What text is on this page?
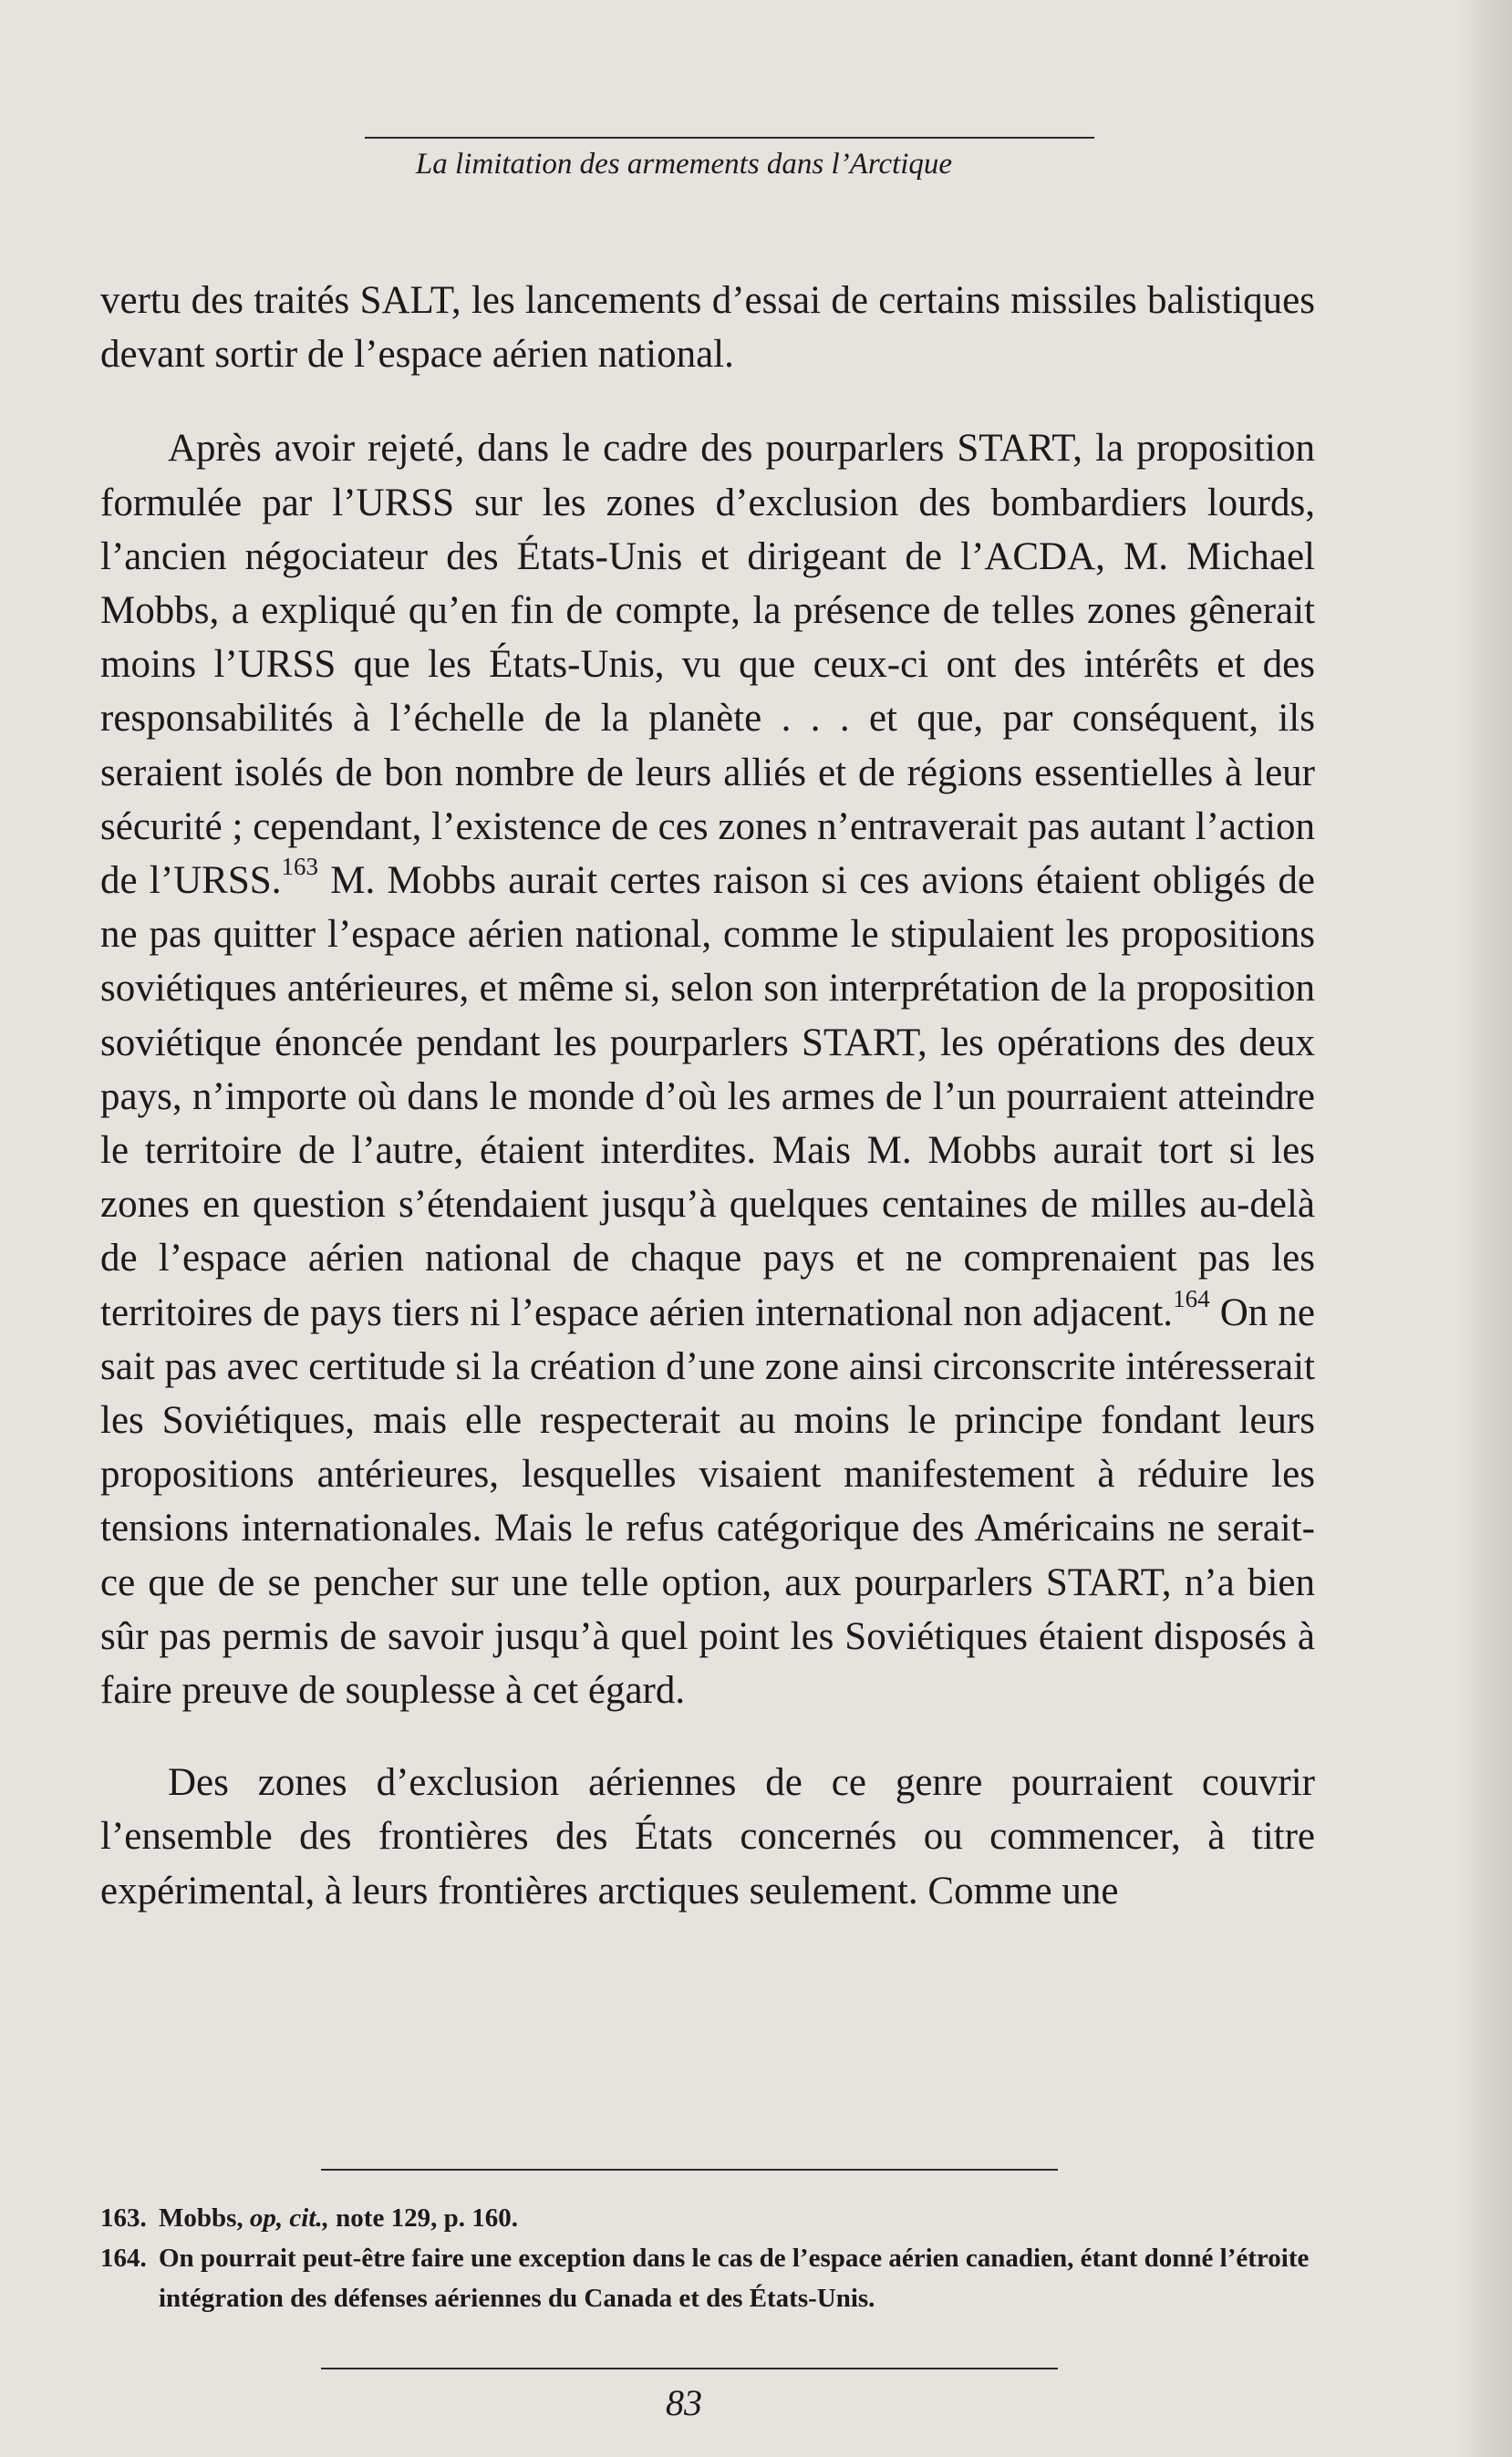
La limitation des armements dans l’Arctique

vertu des traités SALT, les lancements d’essai de certains missiles balistiques devant sortir de l’espace aérien national.

Après avoir rejeté, dans le cadre des pourparlers START, la proposition formulée par l’URSS sur les zones d’exclusion des bombardiers lourds, l’ancien négociateur des États-Unis et dirigeant de l’ACDA, M. Michael Mobbs, a expliqué qu’en fin de compte, la présence de telles zones gênerait moins l’URSS que les États-Unis, vu que ceux-ci ont des intérêts et des responsabilités à l’échelle de la planète . . . et que, par conséquent, ils seraient isolés de bon nombre de leurs alliés et de régions essentielles à leur sécurité ; cependant, l’existence de ces zones n’entraverait pas autant l’action de l’URSS.$^{163}$ M. Mobbs aurait certes raison si ces avions étaient obligés de ne pas quitter l’espace aérien national, comme le stipulaient les propositions soviétiques antérieures, et même si, selon son interprétation de la proposition soviétique énoncée pendant les pourparlers START, les opérations des deux pays, n’importe où dans le monde d’où les armes de l’un pourraient atteindre le territoire de l’autre, étaient interdites. Mais M. Mobbs aurait tort si les zones en question s’étendaient jusqu’à quelques centaines de milles au-delà de l’espace aérien national de chaque pays et ne comprenaient pas les territoires de pays tiers ni l’espace aérien international non adjacent.$^{164}$ On ne sait pas avec certitude si la création d’une zone ainsi circonscrite intéresserait les Soviétiques, mais elle respecterait au moins le principe fondant leurs propositions antérieures, lesquelles visaient manifestement à réduire les tensions internationales. Mais le refus catégorique des Américains ne serait-ce que de se pencher sur une telle option, aux pourparlers START, n’a bien sûr pas permis de savoir jusqu’à quel point les Soviétiques étaient disposés à faire preuve de souplesse à cet égard.

Des zones d’exclusion aériennes de ce genre pourraient couvrir l’ensemble des frontières des États concernés ou commencer, à titre expérimental, à leurs frontières arctiques seulement. Comme une

163. Mobbs, op, cit., note 129, p. 160.
164. On pourrait peut-être faire une exception dans le cas de l’espace aérien canadien, étant donné l’étroite intégration des défenses aériennes du Canada et des États-Unis.
83
